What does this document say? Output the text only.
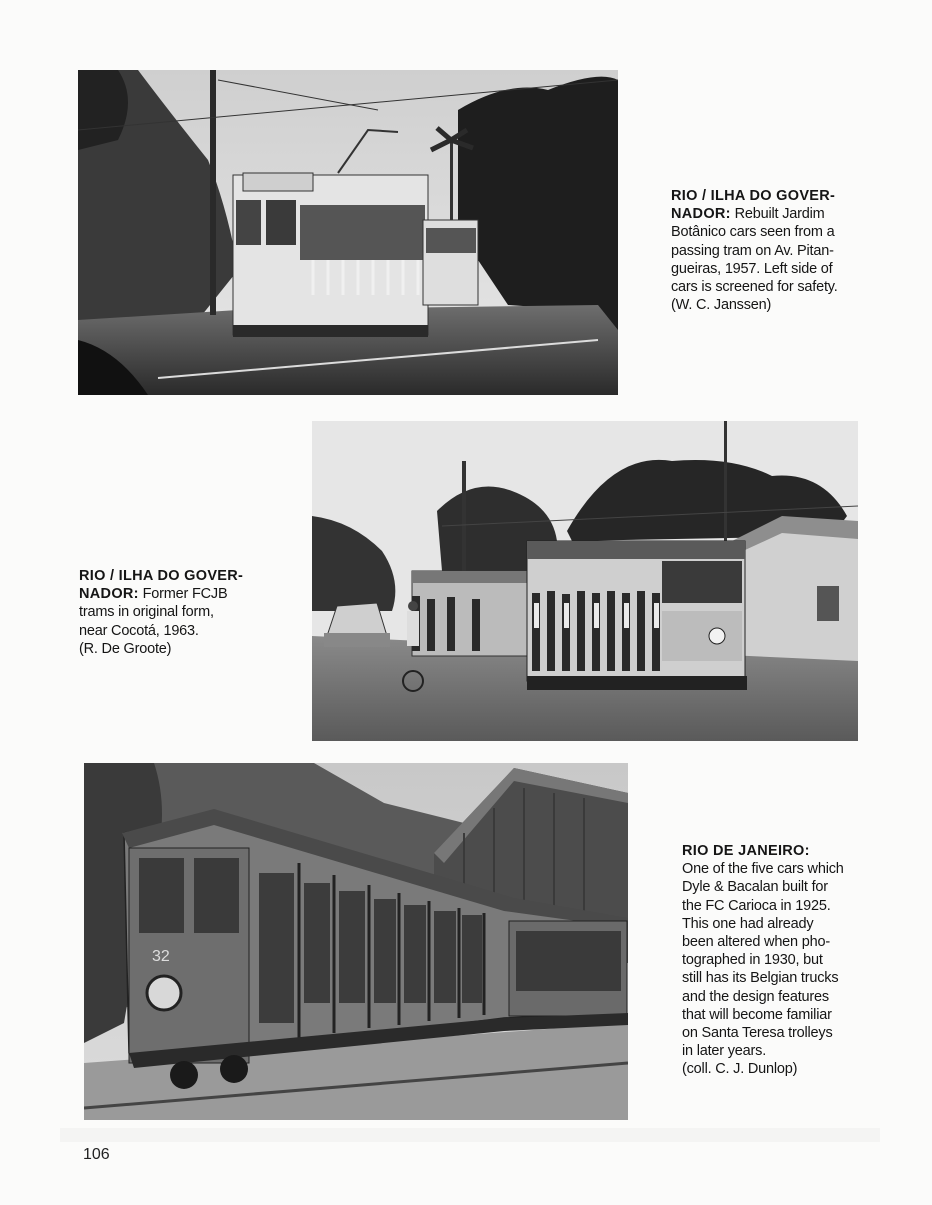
RIO / ILHA DO GOVER-
NADOR: Rebuilt Jardim
Botânico cars seen from a
passing tram on Av. Pitan-
gueiras, 1957. Left side of
cars is screened for safety.
(W. C. Janssen)
RIO / ILHA DO GOVER-
NADOR: Former FCJB
trams in original form,
near Cocotá, 1963.
(R. De Groote)
32
RIO DE JANEIRO:
One of the five cars which
Dyle & Bacalan built for
the FC Carioca in 1925.
This one had already
been altered when pho-
tographed in 1930, but
still has its Belgian trucks
and the design features
that will become familiar
on Santa Teresa trolleys
in later years.
(coll. C. J. Dunlop)
106
